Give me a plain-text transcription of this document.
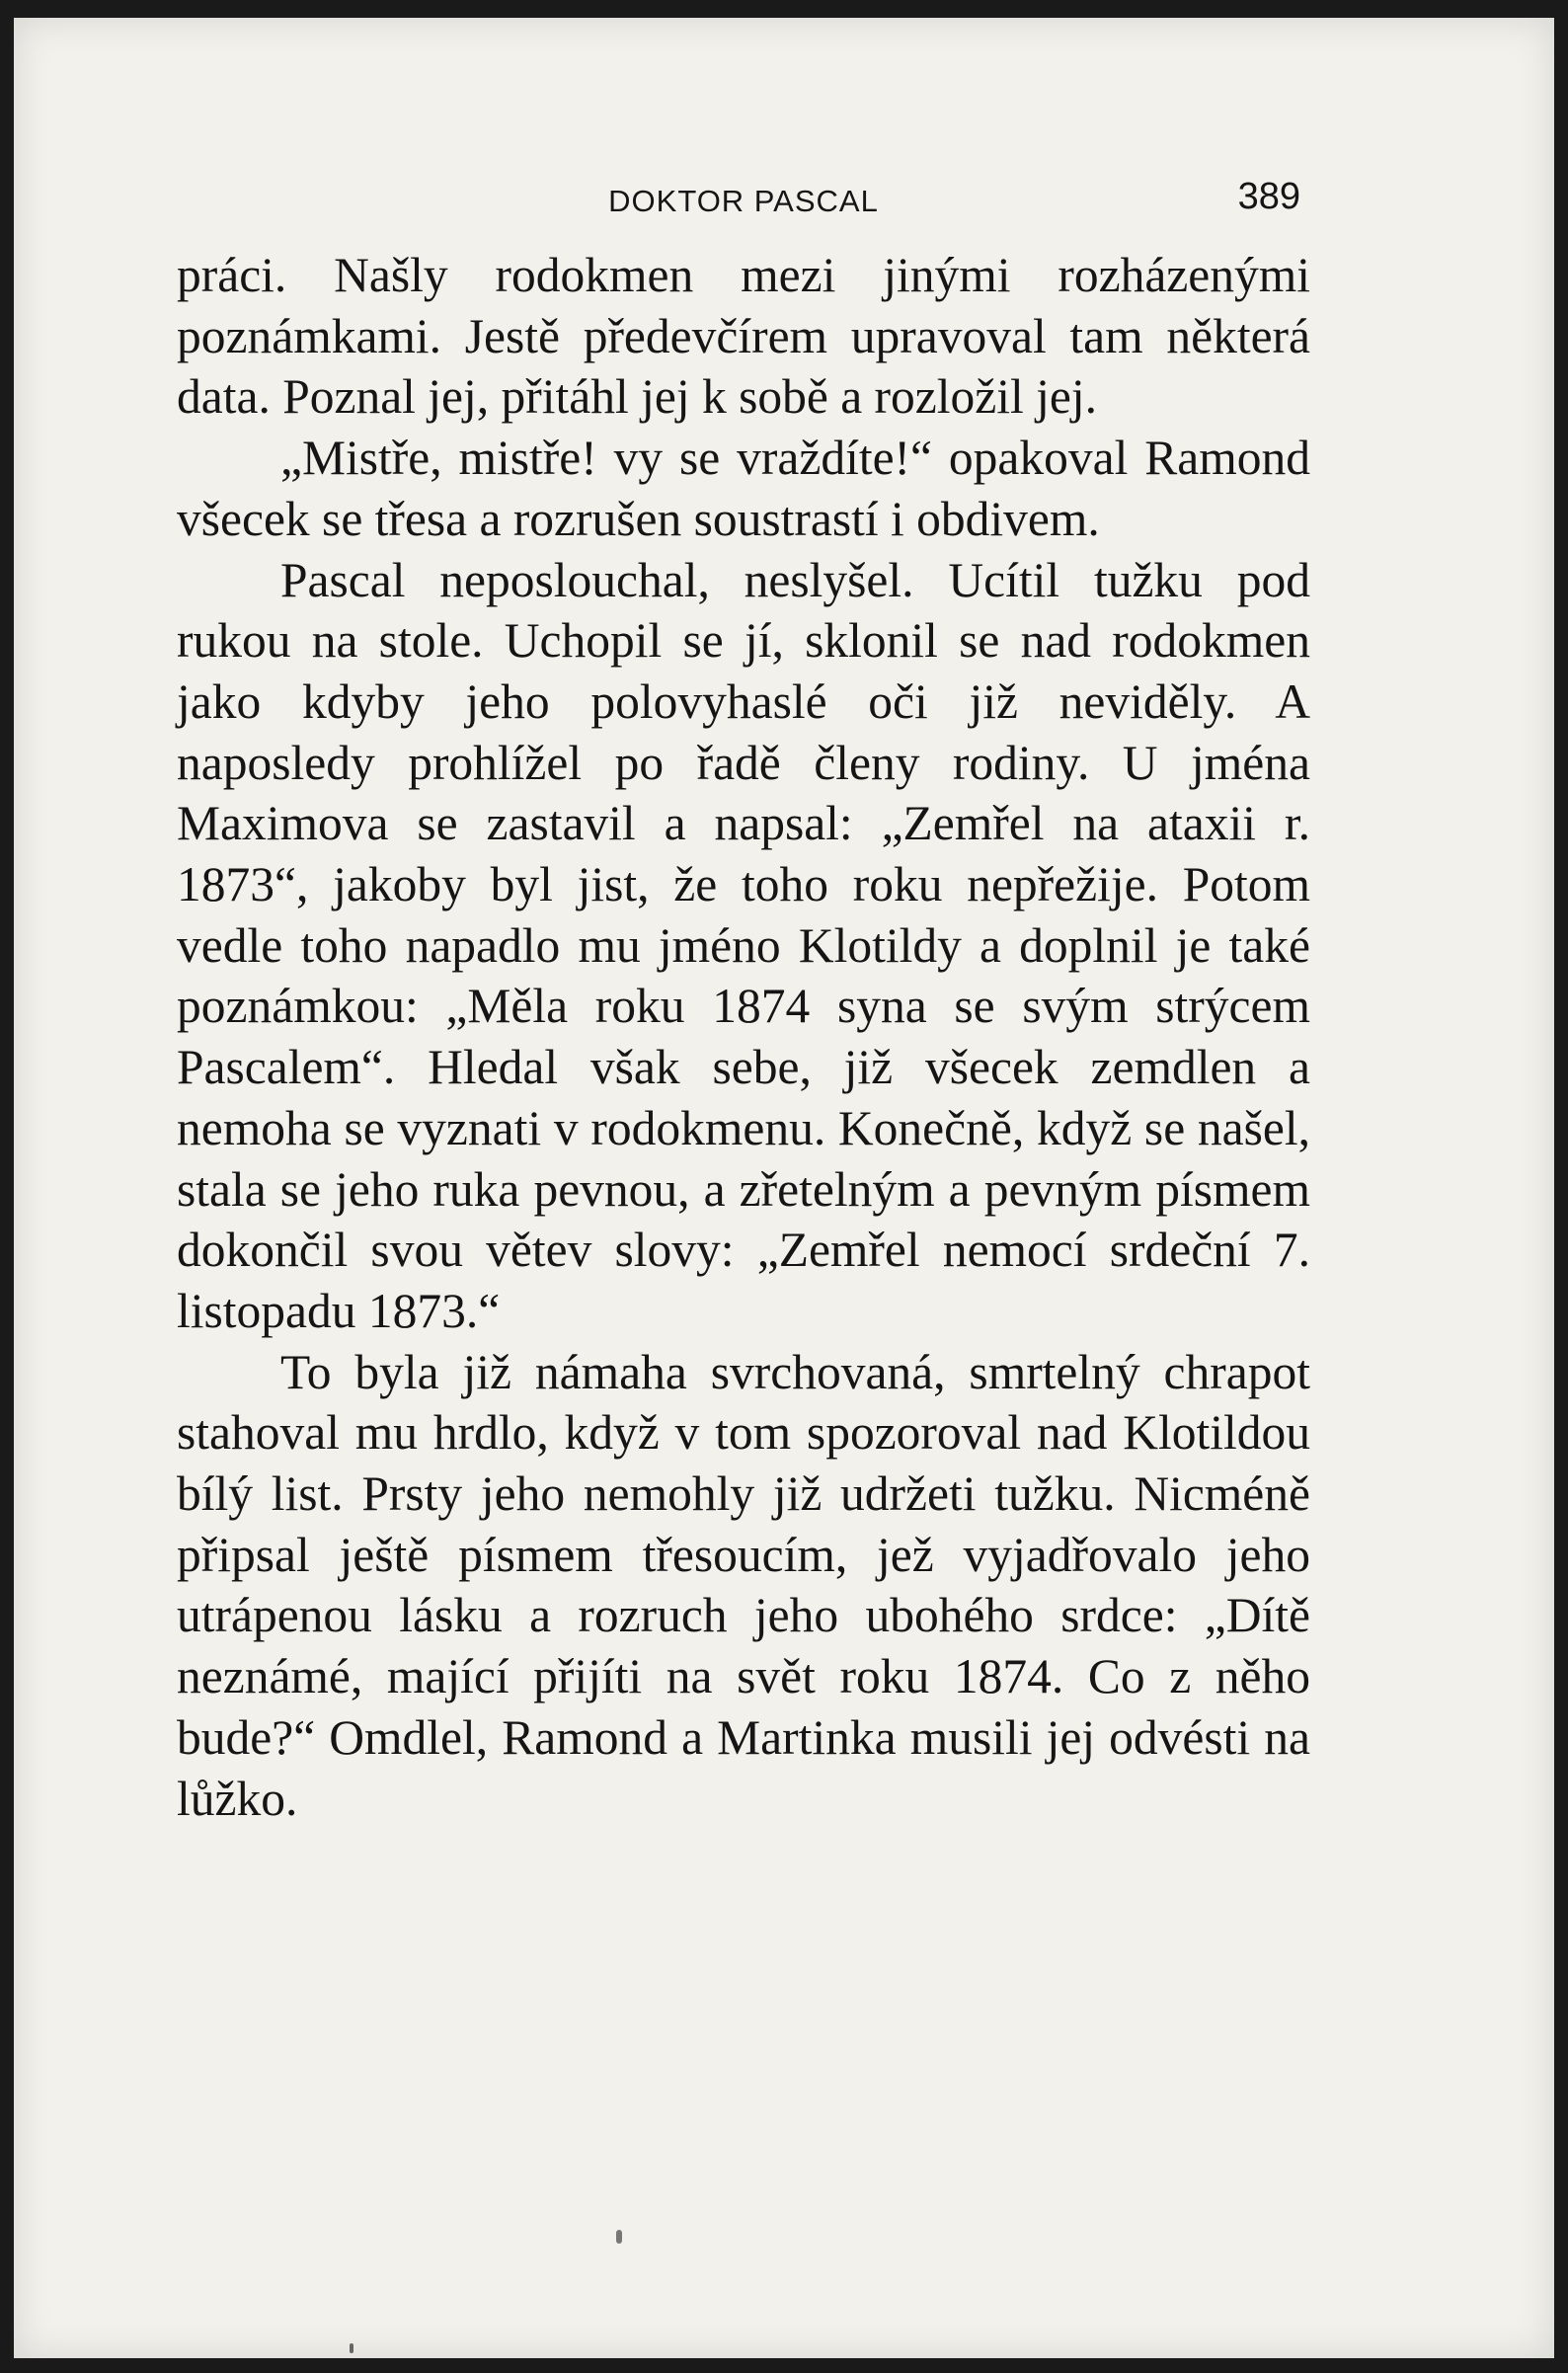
DOKTOR PASCAL	389

práci. Našly rodokmen mezi jinými rozházenými poznámkami. Jestě předevčírem upravoval tam některá data. Poznal jej, přitáhl jej k sobě a rozložil jej.

„Mistře, mistře! vy se vraždíte!“ opakoval Ramond všecek se třesa a rozrušen soustrastí i obdivem.

Pascal neposlouchal, neslyšel. Ucítil tužku pod rukou na stole. Uchopil se jí, sklonil se nad rodokmen jako kdyby jeho polovyhaslé oči již neviděly. A naposledy prohlížel po řadě členy rodiny. U jména Maximova se zastavil a napsal: „Zemřel na ataxii r. 1873“, jakoby byl jist, že toho roku nepřežije. Potom vedle toho napadlo mu jméno Klotildy a doplnil je také poznámkou: „Měla roku 1874 syna se svým strýcem Pascalem“. Hledal však sebe, již všecek zemdlen a nemoha se vyznati v rodokmenu. Konečně, když se našel, stala se jeho ruka pevnou, a zřetelným a pevným písmem dokončil svou větev slovy: „Zemřel nemocí srdeční 7. listopadu 1873.“

To byla již námaha svrchovaná, smrtelný chrapot stahoval mu hrdlo, když v tom spozoroval nad Klotildou bílý list. Prsty jeho nemohly již udržeti tužku. Nicméně připsal ještě písmem třesoucím, jež vyjadřovalo jeho utrápenou lásku a rozruch jeho ubohého srdce: „Dítě neznámé, mající přijíti na svět roku 1874. Co z něho bude?“ Omdlel, Ramond a Martinka musili jej odvésti na lůžko.
